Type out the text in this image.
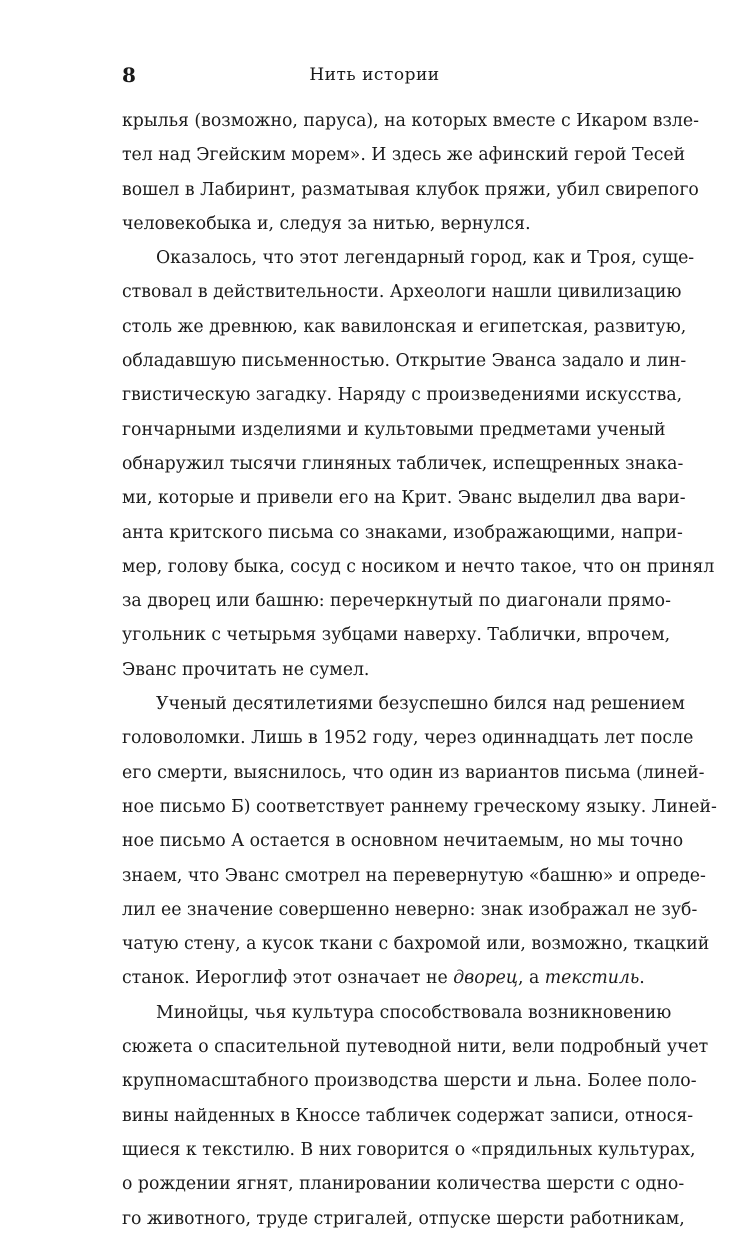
8	Нить истории
крылья (возможно, паруса), на которых вместе с Икаром взле-
тел над Эгейским морем». И здесь же афинский герой Тесей
вошел в Лабиринт, разматывая клубок пряжи, убил свирепого
человекобыка и, следуя за нитью, вернулся.
Оказалось, что этот легендарный город, как и Троя, суще-
ствовал в действительности. Археологи нашли цивилизацию
столь же древнюю, как вавилонская и египетская, развитую,
обладавшую письменностью. Открытие Эванса задало и лин-
гвистическую загадку. Наряду с произведениями искусства,
гончарными изделиями и культовыми предметами ученый
обнаружил тысячи глиняных табличек, испещренных знака-
ми, которые и привели его на Крит. Эванс выделил два вари-
анта критского письма со знаками, изображающими, напри-
мер, голову быка, сосуд с носиком и нечто такое, что он принял
за дворец или башню: перечеркнутый по диагонали прямо-
угольник с четырьмя зубцами наверху. Таблички, впрочем,
Эванс прочитать не сумел.
Ученый десятилетиями безуспешно бился над решением
головоломки. Лишь в 1952 году, через одиннадцать лет после
его смерти, выяснилось, что один из вариантов письма (линей-
ное письмо Б) соответствует раннему греческому языку. Линей-
ное письмо А остается в основном нечитаемым, но мы точно
знаем, что Эванс смотрел на перевернутую «башню» и опреде-
лил ее значение совершенно неверно: знак изображал не зуб-
чатую стену, а кусок ткани с бахромой или, возможно, ткацкий
станок. Иероглиф этот означает не дворец, а текстиль.
Минойцы, чья культура способствовала возникновению
сюжета о спасительной путеводной нити, вели подробный учет
крупномасштабного производства шерсти и льна. Более поло-
вины найденных в Кноссе табличек содержат записи, относя-
щиеся к текстилю. В них говорится о «прядильных культурах,
о рождении ягнят, планировании количества шерсти с одно-
го животного, труде стригалей, отпуске шерсти работникам,
